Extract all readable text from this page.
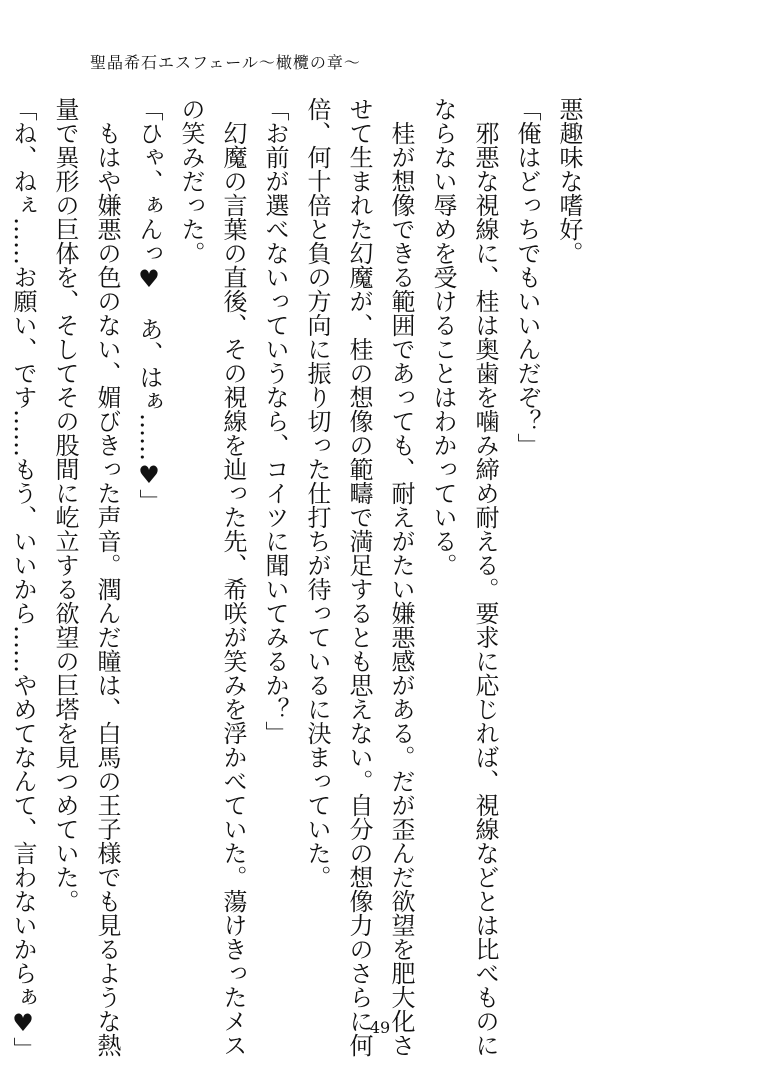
聖晶希石エスフェール〜橄欖の章〜
悪趣味な嗜好。
「俺はどっちでもいいんだぞ？」
　邪悪な視線に、桂は奥歯を噛み締め耐える。要求に応じれば、視線などとは比べものに
ならない辱めを受けることはわかっている。
　桂が想像できる範囲であっても、耐えがたい嫌悪感がある。だが歪んだ欲望を肥大化さ
せて生まれた幻魔が、桂の想像の範疇で満足するとも思えない。自分の想像力のさらに何
倍、何十倍と負の方向に振り切った仕打ちが待っているに決まっていた。
「お前が選べないっていうなら、コイツに聞いてみるか？」
　幻魔の言葉の直後、その視線を辿った先、希咲が笑みを浮かべていた。蕩けきったメス
の笑みだった。
「ひゃ、ぁんっ♥　あ、はぁ……♥」
　もはや嫌悪の色のない、媚びきった声音。潤んだ瞳は、白馬の王子様でも見るような熱
量で異形の巨体を、そしてその股間に屹立する欲望の巨塔を見つめていた。
「ね、ねぇ……お願い、です……もう、いいから……やめてなんて、言わないからぁ♥」	49
